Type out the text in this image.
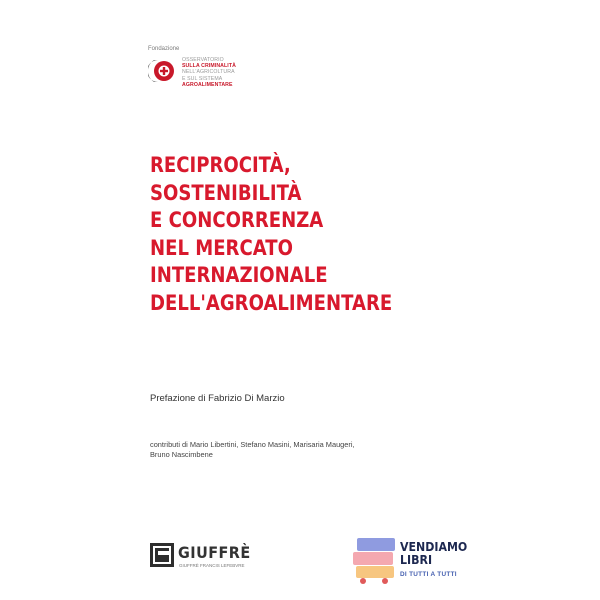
Fondazione
OSSERVATORIO
SULLA CRIMINALITÀ
NELL'AGRICOLTURA
E SUL SISTEMA
AGROALIMENTARE
RECIPROCITÀ,
SOSTENIBILITÀ
E CONCORRENZA
NEL MERCATO
INTERNAZIONALE
DELL'AGROALIMENTARE
Prefazione di Fabrizio Di Marzio
contributi di Mario Libertini, Stefano Masini, Marisaria Maugeri,
Bruno Nascimbene
GIUFFRÈ
GIUFFRÈ FRANCIS LEFEBVRE
VENDIAMO
LIBRI
DI TUTTI A TUTTI
